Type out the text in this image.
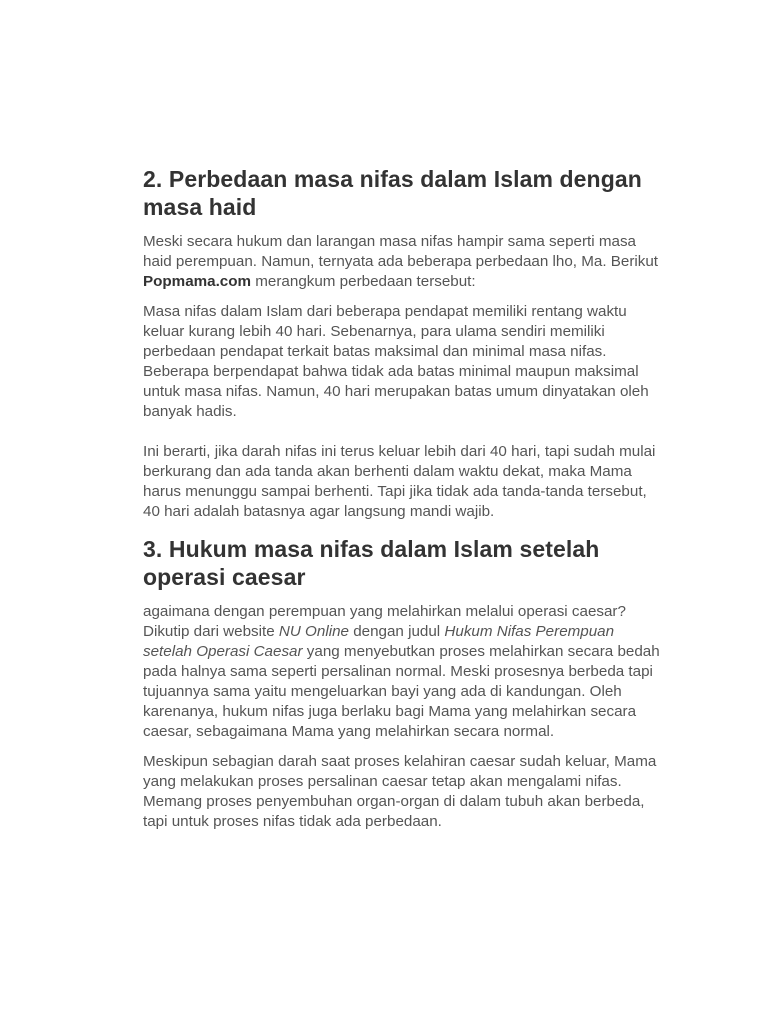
2. Perbedaan masa nifas dalam Islam dengan masa haid

Meski secara hukum dan larangan masa nifas hampir sama seperti masa haid perempuan. Namun, ternyata ada beberapa perbedaan lho, Ma. Berikut Popmama.com merangkum perbedaan tersebut:

Masa nifas dalam Islam dari beberapa pendapat memiliki rentang waktu keluar kurang lebih 40 hari. Sebenarnya, para ulama sendiri memiliki perbedaan pendapat terkait batas maksimal dan minimal masa nifas. Beberapa berpendapat bahwa tidak ada batas minimal maupun maksimal untuk masa nifas. Namun, 40 hari merupakan batas umum dinyatakan oleh banyak hadis.

Ini berarti, jika darah nifas ini terus keluar lebih dari 40 hari, tapi sudah mulai berkurang dan ada tanda akan berhenti dalam waktu dekat, maka Mama harus menunggu sampai berhenti. Tapi jika tidak ada tanda-tanda tersebut, 40 hari adalah batasnya agar langsung mandi wajib.

3. Hukum masa nifas dalam Islam setelah operasi caesar

agaimana dengan perempuan yang melahirkan melalui operasi caesar? Dikutip dari website NU Online dengan judul Hukum Nifas Perempuan setelah Operasi Caesar yang menyebutkan proses melahirkan secara bedah pada halnya sama seperti persalinan normal. Meski prosesnya berbeda tapi tujuannya sama yaitu mengeluarkan bayi yang ada di kandungan. Oleh karenanya, hukum nifas juga berlaku bagi Mama yang melahirkan secara caesar, sebagaimana Mama yang melahirkan secara normal.

Meskipun sebagian darah saat proses kelahiran caesar sudah keluar, Mama yang melakukan proses persalinan caesar tetap akan mengalami nifas. Memang proses penyembuhan organ-organ di dalam tubuh akan berbeda, tapi untuk proses nifas tidak ada perbedaan.
